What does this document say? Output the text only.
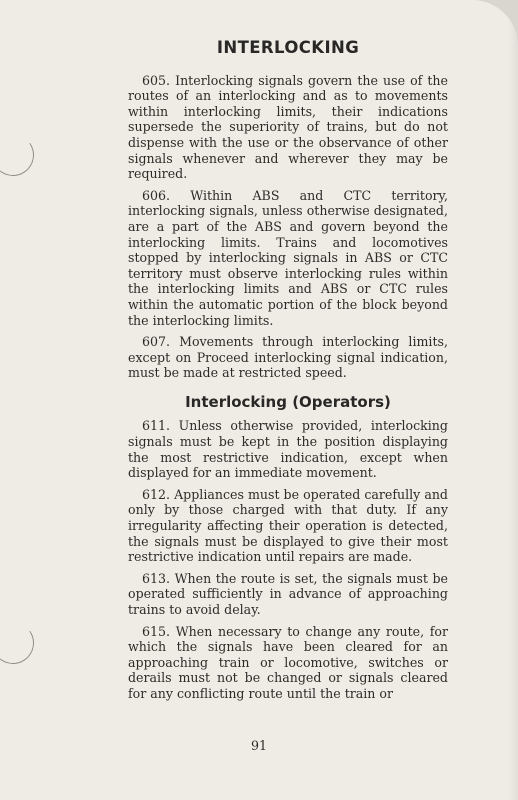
INTERLOCKING

605. Interlocking signals govern the use of the routes of an interlocking and as to movements within interlocking limits, their indications supersede the superiority of trains, but do not dispense with the use or the observance of other signals whenever and wherever they may be required.

606. Within ABS and CTC territory, interlocking signals, unless otherwise designated, are a part of the ABS and govern beyond the interlocking limits. Trains and locomotives stopped by interlocking signals in ABS or CTC territory must observe interlocking rules within the interlocking limits and ABS or CTC rules within the automatic portion of the block beyond the interlocking limits.

607. Movements through interlocking limits, except on Proceed interlocking signal indication, must be made at restricted speed.

Interlocking (Operators)

611. Unless otherwise provided, interlocking signals must be kept in the position displaying the most restrictive indication, except when displayed for an immediate movement.

612. Appliances must be operated carefully and only by those charged with that duty. If any irregularity affecting their operation is detected, the signals must be displayed to give their most restrictive indication until repairs are made.

613. When the route is set, the signals must be operated sufficiently in advance of approaching trains to avoid delay.

615. When necessary to change any route, for which the signals have been cleared for an approaching train or locomotive, switches or derails must not be changed or signals cleared for any conflicting route until the train or

91
